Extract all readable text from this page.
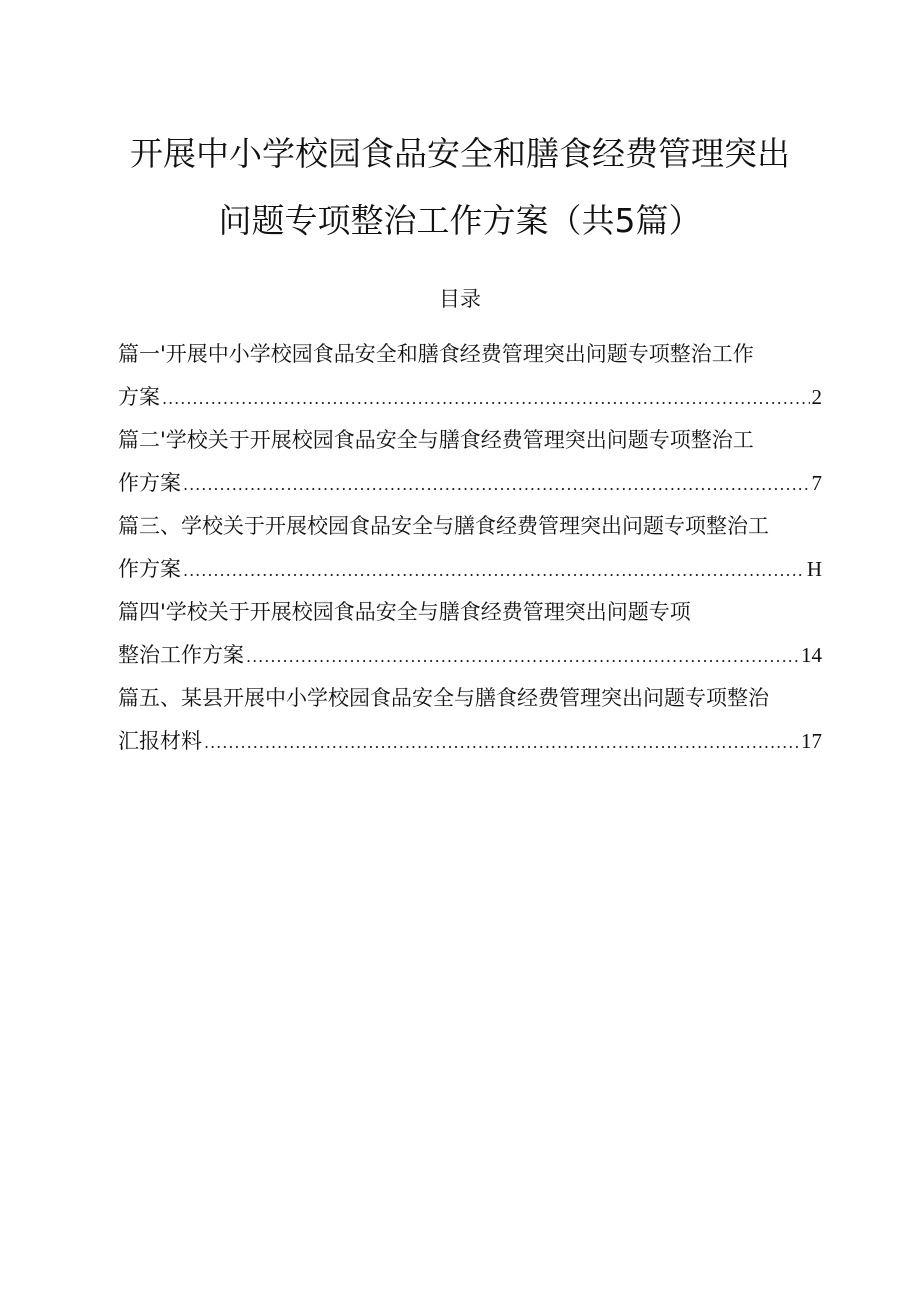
开展中小学校园食品安全和膳食经费管理突出
问题专项整治工作方案（共5篇）
目录
篇一'开展中小学校园食品安全和膳食经费管理突出问题专项整治工作
方案 .....	2
篇二'学校关于开展校园食品安全与膳食经费管理突出问题专项整治工
作方案 .....	7
篇三、学校关于开展校园食品安全与膳食经费管理突出问题专项整治工
作方案 .....	H
篇四'学校关于开展校园食品安全与膳食经费管理突出问题专项
整治工作方案 .....	14
篇五、某县开展中小学校园食品安全与膳食经费管理突出问题专项整治
汇报材料 .....	17
